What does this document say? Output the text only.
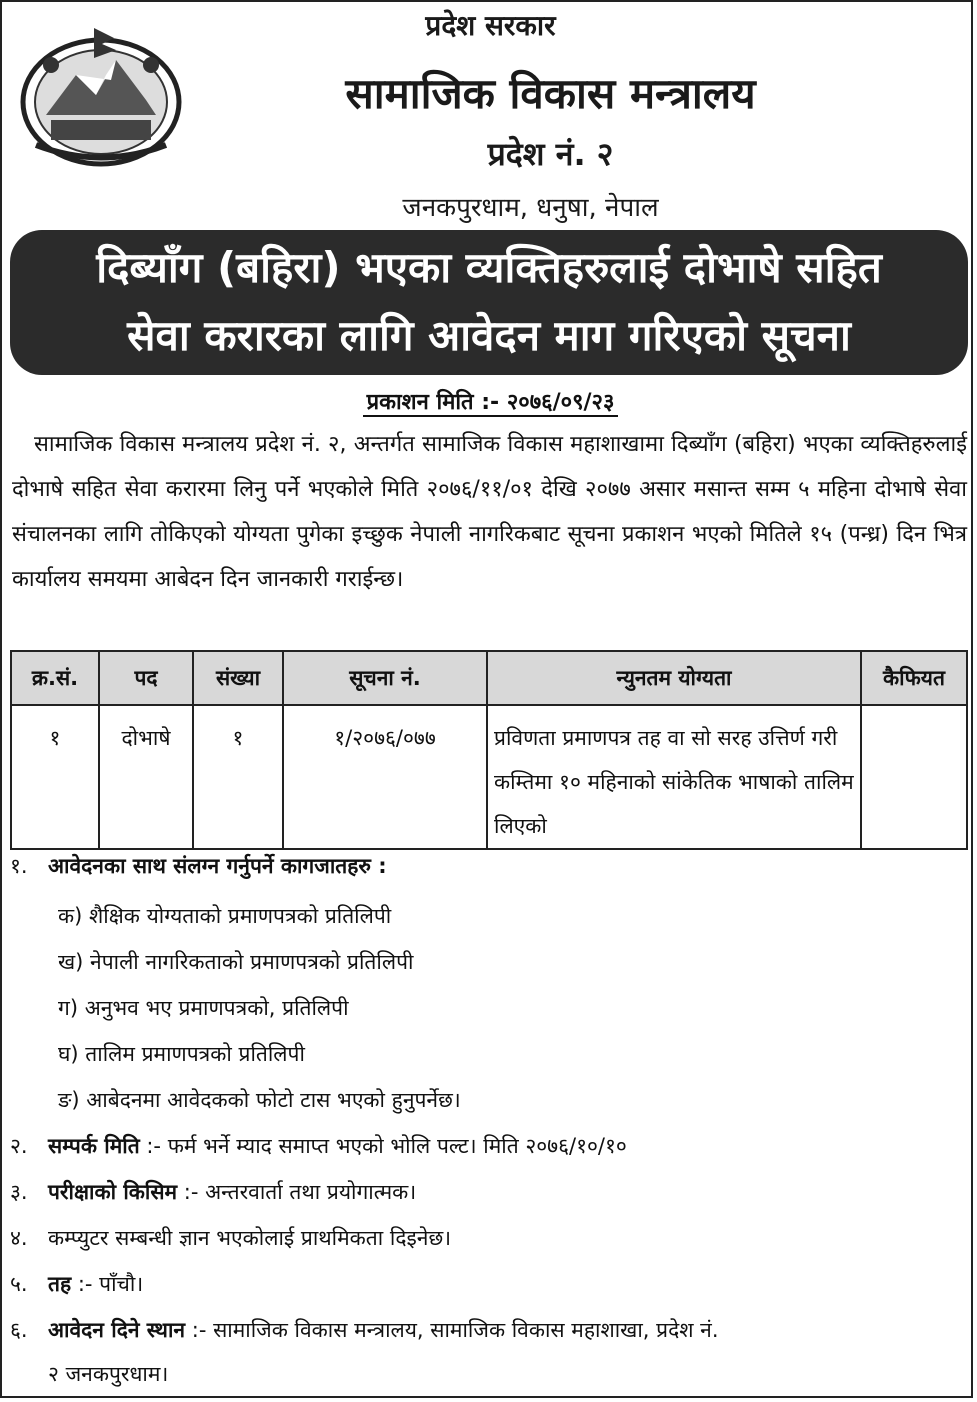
प्रदेश सरकार
सामाजिक विकास मन्त्रालय
प्रदेश नं. २
जनकपुरधाम, धनुषा, नेपाल
दिब्याँग (बहिरा) भएका व्यक्तिहरुलाई दोभाषे सहित
सेवा करारका लागि आवेदन माग गरिएको सूचना
प्रकाशन मिति :- २०७६/०९/२३
सामाजिक विकास मन्त्रालय प्रदेश नं. २, अन्तर्गत सामाजिक विकास महाशाखामा दिब्याँग (बहिरा) भएका व्यक्तिहरुलाई दोभाषे सहित सेवा करारमा लिनु पर्ने भएकोले मिति २०७६/११/०१ देखि २०७७ असार मसान्त सम्म ५ महिना दोभाषे सेवा संचालनका लागि तोकिएको योग्यता पुगेका इच्छुक नेपाली नागरिकबाट सूचना प्रकाशन भएको मितिले १५ (पन्ध्र) दिन भित्र कार्यालय समयमा आबेदन दिन जानकारी गराईन्छ।
क्र.सं.	पद	संख्या	सूचना नं.	न्युनतम योग्यता	कैफियत
१	दोभाषे	१	१/२०७६/०७७	प्रविणता प्रमाणपत्र तह वा सो सरह उत्तिर्ण गरी कम्तिमा १० महिनाको सांकेतिक भाषाको तालिम लिएको	
१. आवेदनका साथ संलग्न गर्नुपर्ने कागजातहरु :
क) शैक्षिक योग्यताको प्रमाणपत्रको प्रतिलिपी
ख) नेपाली नागरिकताको प्रमाणपत्रको प्रतिलिपी
ग) अनुभव भए प्रमाणपत्रको, प्रतिलिपी
घ) तालिम प्रमाणपत्रको प्रतिलिपी
ङ) आबेदनमा आवेदकको फोटो टास भएको हुनुपर्नेछ।
२. सम्पर्क मिति :- फर्म भर्ने म्याद समाप्त भएको भोलि पल्ट। मिति २०७६/१०/१०
३. परीक्षाको किसिम :- अन्तरवार्ता तथा प्रयोगात्मक।
४. कम्प्युटर सम्बन्धी ज्ञान भएकोलाई प्राथमिकता दिइनेछ।
५. तह :- पाँचौ।
६. आवेदन दिने स्थान :- सामाजिक विकास मन्त्रालय, सामाजिक विकास महाशाखा, प्रदेश नं.
२ जनकपुरधाम।
